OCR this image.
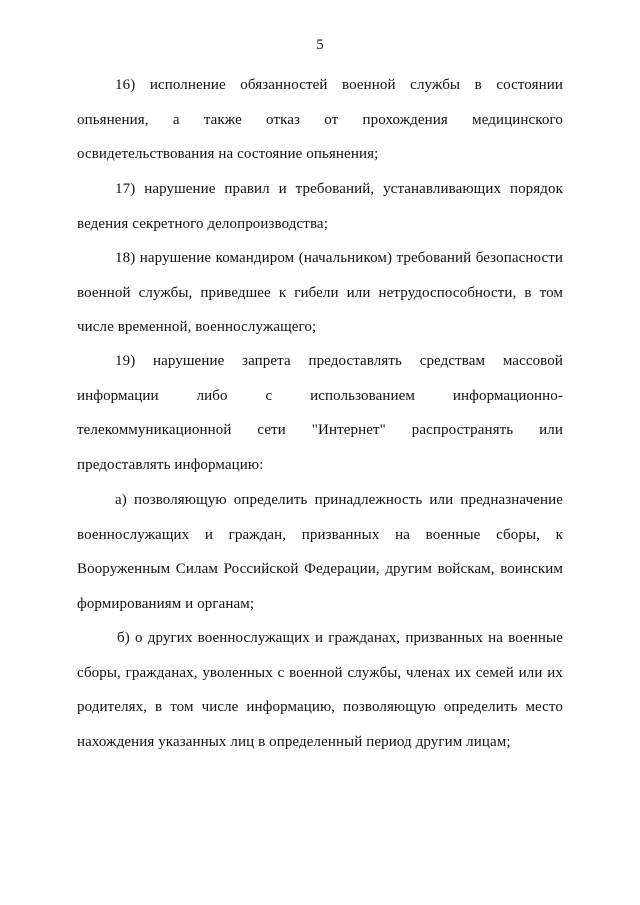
5
16) исполнение обязанностей военной службы в состоянии
опьянения, а также отказ от прохождения медицинского
освидетельствования на состояние опьянения;
17) нарушение правил и требований, устанавливающих порядок
ведения секретного делопроизводства;
18) нарушение командиром (начальником) требований безопасности
военной службы, приведшее к гибели или нетрудоспособности, в том
числе временной, военнослужащего;
19) нарушение запрета предоставлять средствам массовой
информации либо с использованием информационно-
телекоммуникационной сети "Интернет" распространять или
предоставлять информацию:
а) позволяющую определить принадлежность или предназначение
военнослужащих и граждан, призванных на военные сборы, к
Вооруженным Силам Российской Федерации, другим войскам, воинским
формированиям и органам;
б) о других военнослужащих и гражданах, призванных на военные
сборы, гражданах, уволенных с военной службы, членах их семей или их
родителях, в том числе информацию, позволяющую определить место
нахождения указанных лиц в определенный период другим лицам;
